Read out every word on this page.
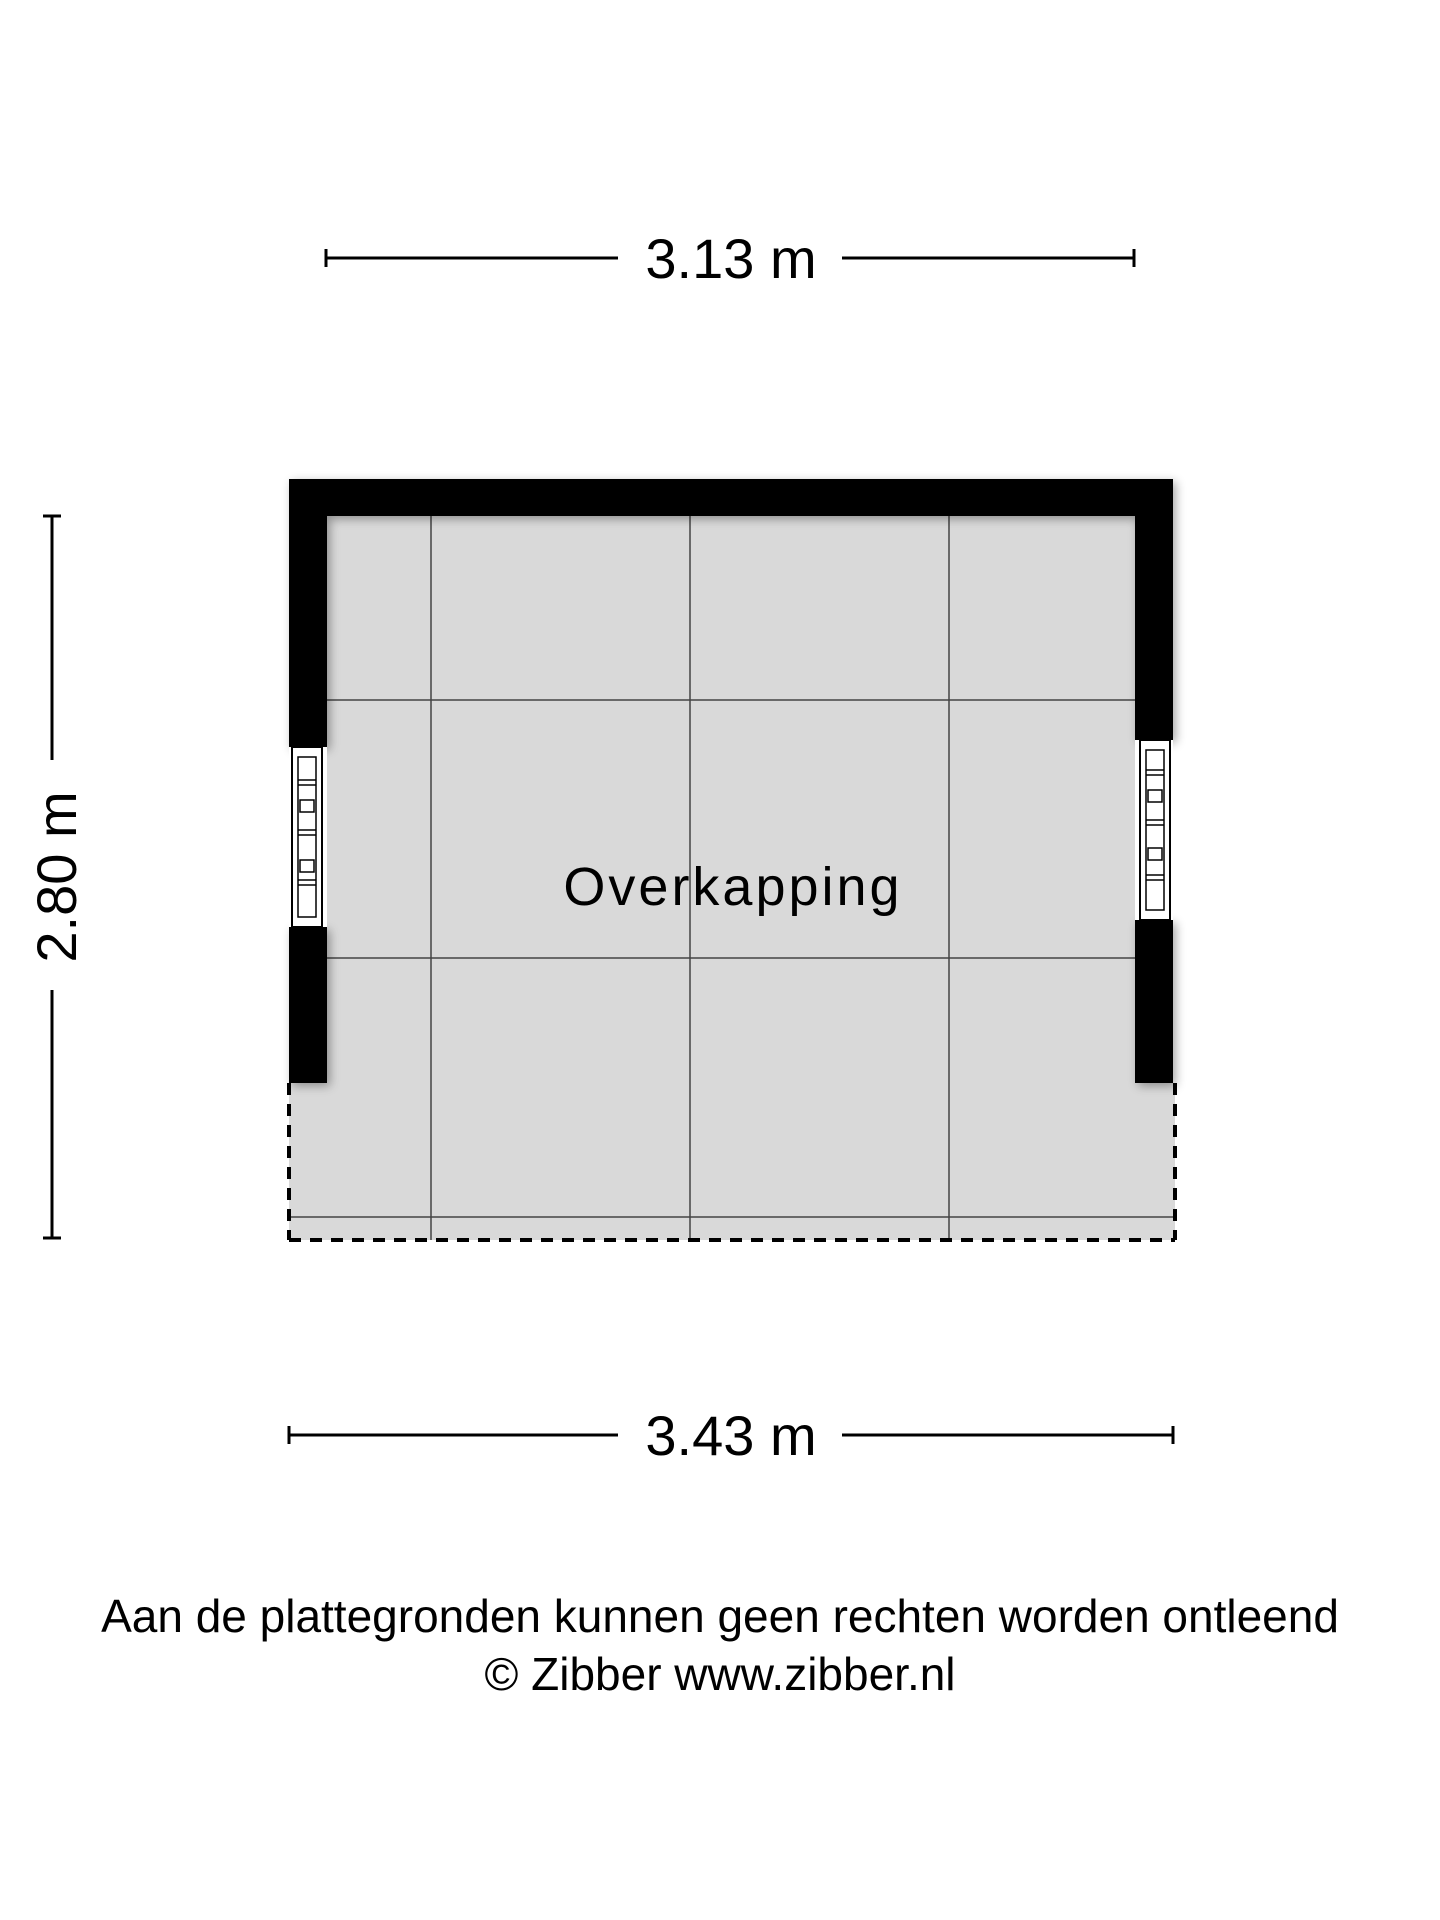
Overkapping
3.13 m
3.43 m
2.80 m
Aan de plattegronden kunnen geen rechten worden ontleend
© Zibber www.zibber.nl
